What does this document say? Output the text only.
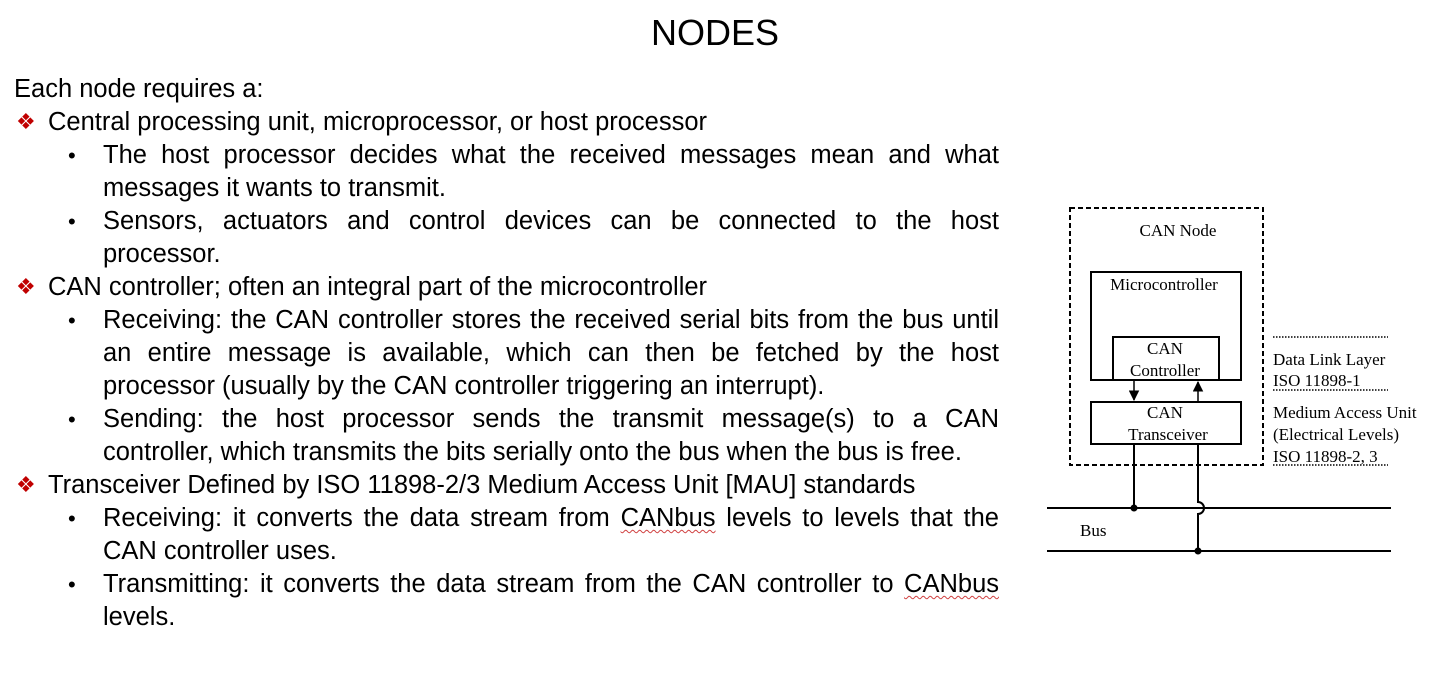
NODES
Each node requires a:
❖ Central processing unit, microprocessor, or host processor
• The host processor decides what the received messages mean and what messages it wants to transmit.
• Sensors, actuators and control devices can be connected to the host processor.
❖ CAN controller; often an integral part of the microcontroller
• Receiving: the CAN controller stores the received serial bits from the bus until an entire message is available, which can then be fetched by the host processor (usually by the CAN controller triggering an interrupt).
• Sending: the host processor sends the transmit message(s) to a CAN controller, which transmits the bits serially onto the bus when the bus is free.
❖ Transceiver Defined by ISO 11898-2/3 Medium Access Unit [MAU] standards
• Receiving: it converts the data stream from CANbus levels to levels that the CAN controller uses.
• Transmitting: it converts the data stream from the CAN controller to CANbus levels.
CAN Node
Microcontroller
CAN
Controller
CAN
Transceiver
Data Link Layer
ISO 11898-1
Medium Access Unit
(Electrical Levels)
ISO 11898-2, 3
Bus
